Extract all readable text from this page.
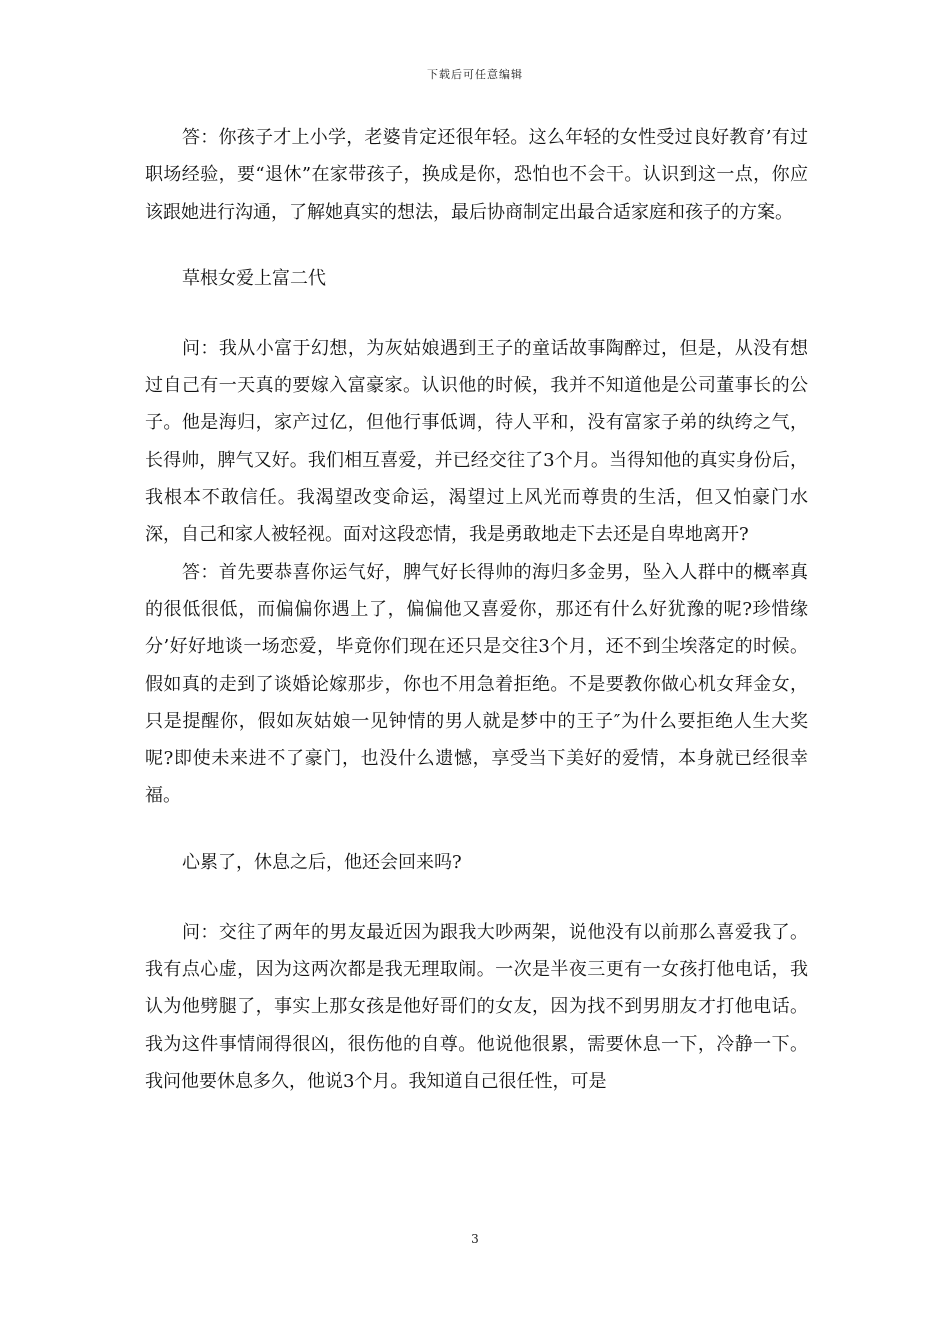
下载后可任意编辑

答：你孩子才上小学，老婆肯定还很年轻。这么年轻的女性受过良好教育’有过职场经验，要“退休”在家带孩子，换成是你，恐怕也不会干。认识到这一点，你应该跟她进行沟通，了解她真实的想法，最后协商制定出最合适家庭和孩子的方案。

草根女爱上富二代

问：我从小富于幻想，为灰姑娘遇到王子的童话故事陶醉过，但是，从没有想过自己有一天真的要嫁入富豪家。认识他的时候，我并不知道他是公司董事长的公子。他是海归，家产过亿，但他行事低调，待人平和，没有富家子弟的纨绔之气，长得帅，脾气又好。我们相互喜爱，并已经交往了3个月。当得知他的真实身份后，我根本不敢信任。我渴望改变命运，渴望过上风光而尊贵的生活，但又怕豪门水深，自己和家人被轻视。面对这段恋情，我是勇敢地走下去还是自卑地离开?

答：首先要恭喜你运气好，脾气好长得帅的海归多金男，坠入人群中的概率真的很低很低，而偏偏你遇上了，偏偏他又喜爱你，那还有什么好犹豫的呢?珍惜缘分’好好地谈一场恋爱，毕竟你们现在还只是交往3个月，还不到尘埃落定的时候。假如真的走到了谈婚论嫁那步，你也不用急着拒绝。不是要教你做心机女拜金女，只是提醒你，假如灰姑娘一见钟情的男人就是梦中的王子″为什么要拒绝人生大奖呢?即使未来进不了豪门，也没什么遗憾，享受当下美好的爱情，本身就已经很幸福。

心累了，休息之后，他还会回来吗?

问：交往了两年的男友最近因为跟我大吵两架，说他没有以前那么喜爱我了。我有点心虚，因为这两次都是我无理取闹。一次是半夜三更有一女孩打他电话，我认为他劈腿了，事实上那女孩是他好哥们的女友，因为找不到男朋友才打他电话。我为这件事情闹得很凶，很伤他的自尊。他说他很累，需要休息一下，冷静一下。我问他要休息多久，他说3个月。我知道自己很任性，可是

3
